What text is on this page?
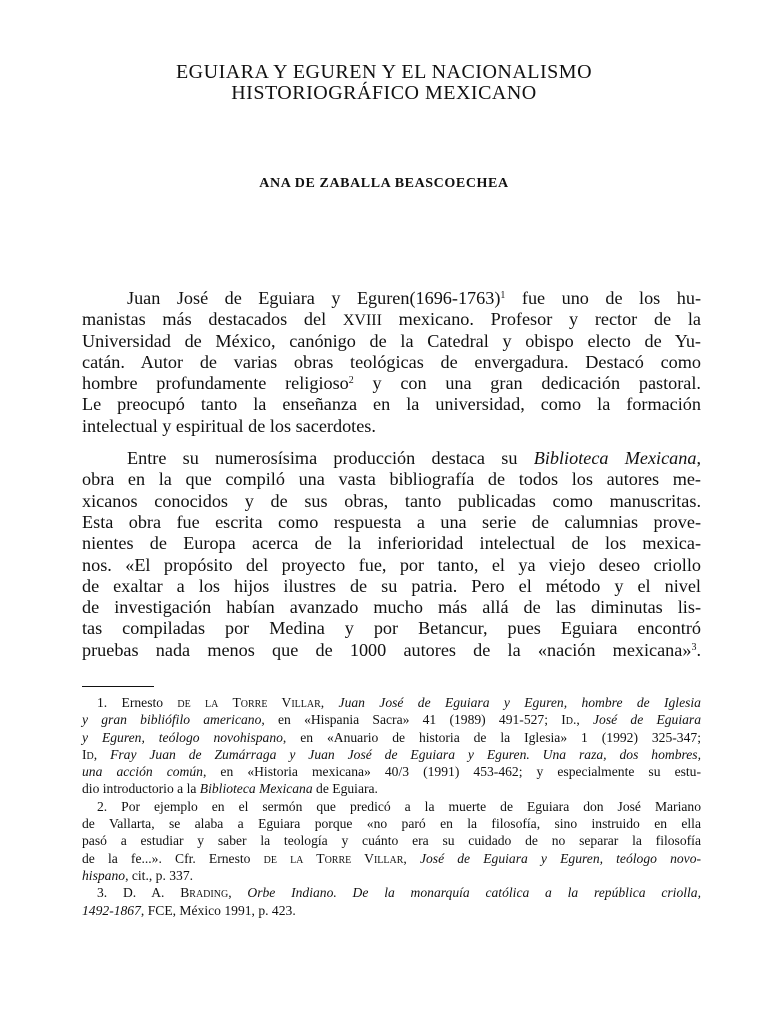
EGUIARA Y EGUREN Y EL NACIONALISMO
HISTORIOGRÁFICO MEXICANO
ANA DE ZABALLA BEASCOECHEA
Juan José de Eguiara y Eguren(1696-1763)$^1$ fue uno de los hu-
manistas más destacados del XVIII mexicano. Profesor y rector de la
Universidad de México, canónigo de la Catedral y obispo electo de Yu-
catán. Autor de varias obras teológicas de envergadura. Destacó como
hombre profundamente religioso$^2$ y con una gran dedicación pastoral.
Le preocupó tanto la enseñanza en la universidad, como la formación
intelectual y espiritual de los sacerdotes.
Entre su numerosísima producción destaca su Biblioteca Mexicana,
obra en la que compiló una vasta bibliografía de todos los autores me-
xicanos conocidos y de sus obras, tanto publicadas como manuscritas.
Esta obra fue escrita como respuesta a una serie de calumnias prove-
nientes de Europa acerca de la inferioridad intelectual de los mexica-
nos. «El propósito del proyecto fue, por tanto, el ya viejo deseo criollo
de exaltar a los hijos ilustres de su patria. Pero el método y el nivel
de investigación habían avanzado mucho más allá de las diminutas lis-
tas compiladas por Medina y por Betancur, pues Eguiara encontró
pruebas nada menos que de 1000 autores de la «nación mexicana»$^3$.
1. Ernesto de la Torre Villar, Juan José de Eguiara y Eguren, hombre de Iglesia
y gran bibliófilo americano, en «Hispania Sacra» 41 (1989) 491-527; Id., José de Eguiara
y Eguren, teólogo novohispano, en «Anuario de historia de la Iglesia» 1 (1992) 325-347;
Id, Fray Juan de Zumárraga y Juan José de Eguiara y Eguren. Una raza, dos hombres,
una acción común, en «Historia mexicana» 40/3 (1991) 453-462; y especialmente su estu-
dio introductorio a la Biblioteca Mexicana de Eguiara.
2. Por ejemplo en el sermón que predicó a la muerte de Eguiara don José Mariano
de Vallarta, se alaba a Eguiara porque «no paró en la filosofía, sino instruido en ella
pasó a estudiar y saber la teología y cuánto era su cuidado de no separar la filosofía
de la fe...». Cfr. Ernesto de la Torre Villar, José de Eguiara y Eguren, teólogo novo-
hispano, cit., p. 337.
3. D. A. Brading, Orbe Indiano. De la monarquía católica a la república criolla,
1492-1867, FCE, México 1991, p. 423.
